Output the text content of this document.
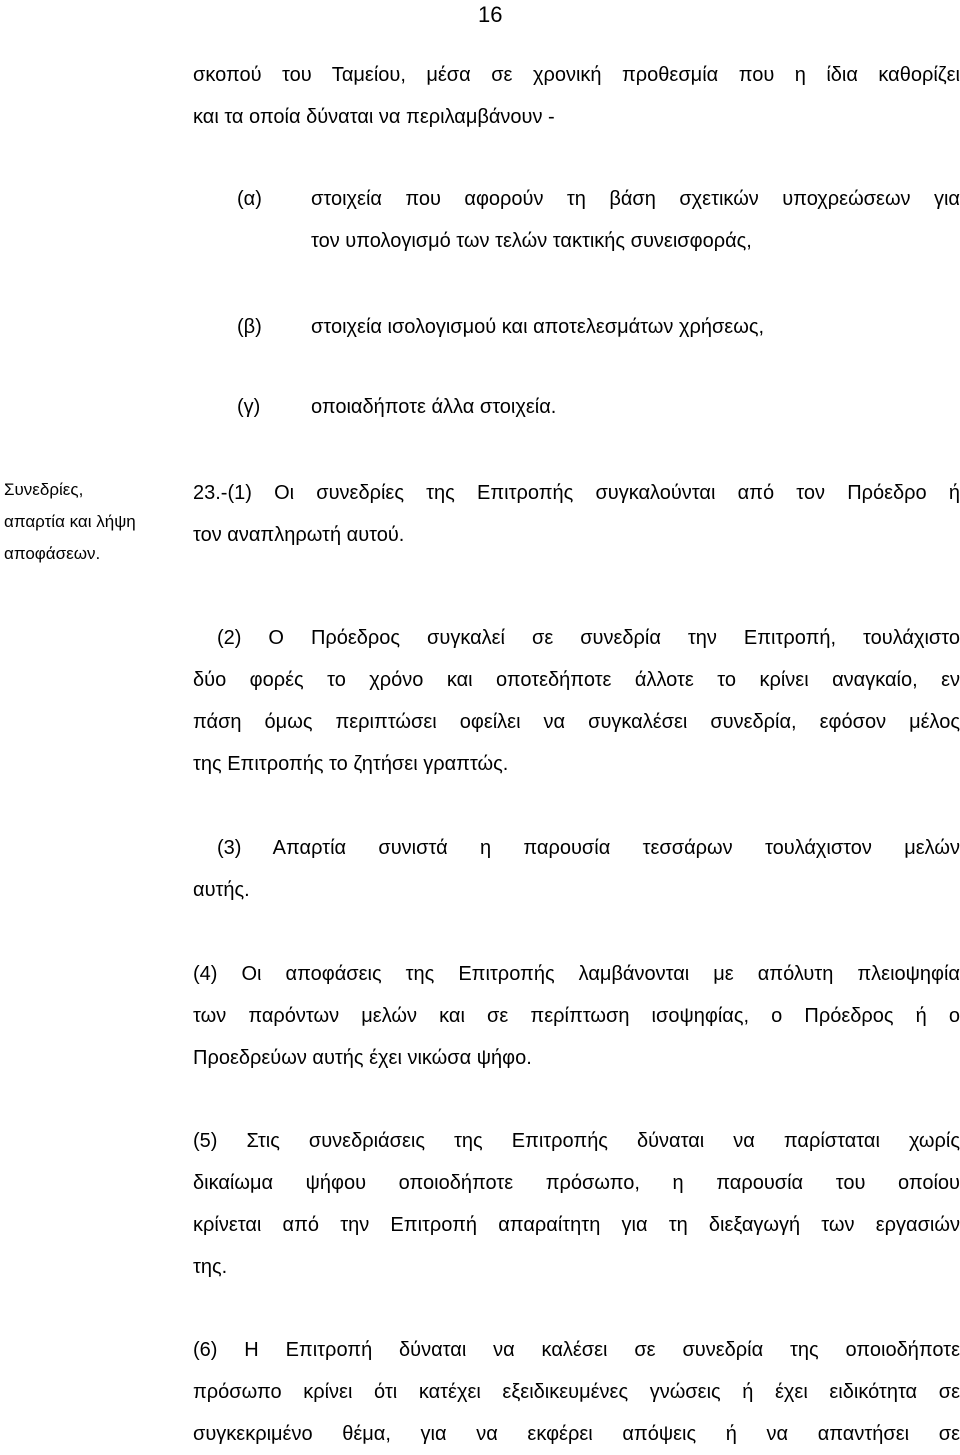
16
σκοπού του Ταμείου, μέσα σε χρονική προθεσμία που η ίδια καθορίζει
και τα οποία δύναται να περιλαμβάνουν -
(α) στοιχεία που αφορούν τη βάση σχετικών υποχρεώσεων για
τον υπολογισμό των τελών τακτικής συνεισφοράς,
(β) στοιχεία ισολογισμού και αποτελεσμάτων χρήσεως,
(γ)	οποιαδήποτε άλλα στοιχεία.
Συνεδρίες,
απαρτία και λήψη
αποφάσεων.
23.-(1) Οι συνεδρίες της Επιτροπής συγκαλούνται από τον Πρόεδρο ή
τον αναπληρωτή αυτού.
(2) Ο Πρόεδρος συγκαλεί σε συνεδρία την Επιτροπή, τουλάχιστο
δύο φορές το χρόνο και οποτεδήποτε άλλοτε το κρίνει αναγκαίο, εν
πάση όμως περιπτώσει οφείλει να συγκαλέσει συνεδρία, εφόσον μέλος
της Επιτροπής το ζητήσει γραπτώς.
(3) Απαρτία συνιστά η παρουσία τεσσάρων τουλάχιστον μελών
αυτής.
(4) Οι αποφάσεις της Επιτροπής λαμβάνονται με απόλυτη πλειοψηφία
των παρόντων μελών και σε περίπτωση ισοψηφίας, ο Πρόεδρος ή ο
Προεδρεύων αυτής έχει νικώσα ψήφο.
(5) Στις συνεδριάσεις της Επιτροπής δύναται να παρίσταται χωρίς
δικαίωμα ψήφου οποιοδήποτε πρόσωπο, η παρουσία του οποίου
κρίνεται από την Επιτροπή απαραίτητη για τη διεξαγωγή των εργασιών
της.
(6) Η Επιτροπή δύναται να καλέσει σε συνεδρία της οποιοδήποτε
πρόσωπο κρίνει ότι κατέχει εξειδικευμένες γνώσεις ή έχει ειδικότητα σε
συγκεκριμένο θέμα, για να εκφέρει απόψεις ή να απαντήσει σε
